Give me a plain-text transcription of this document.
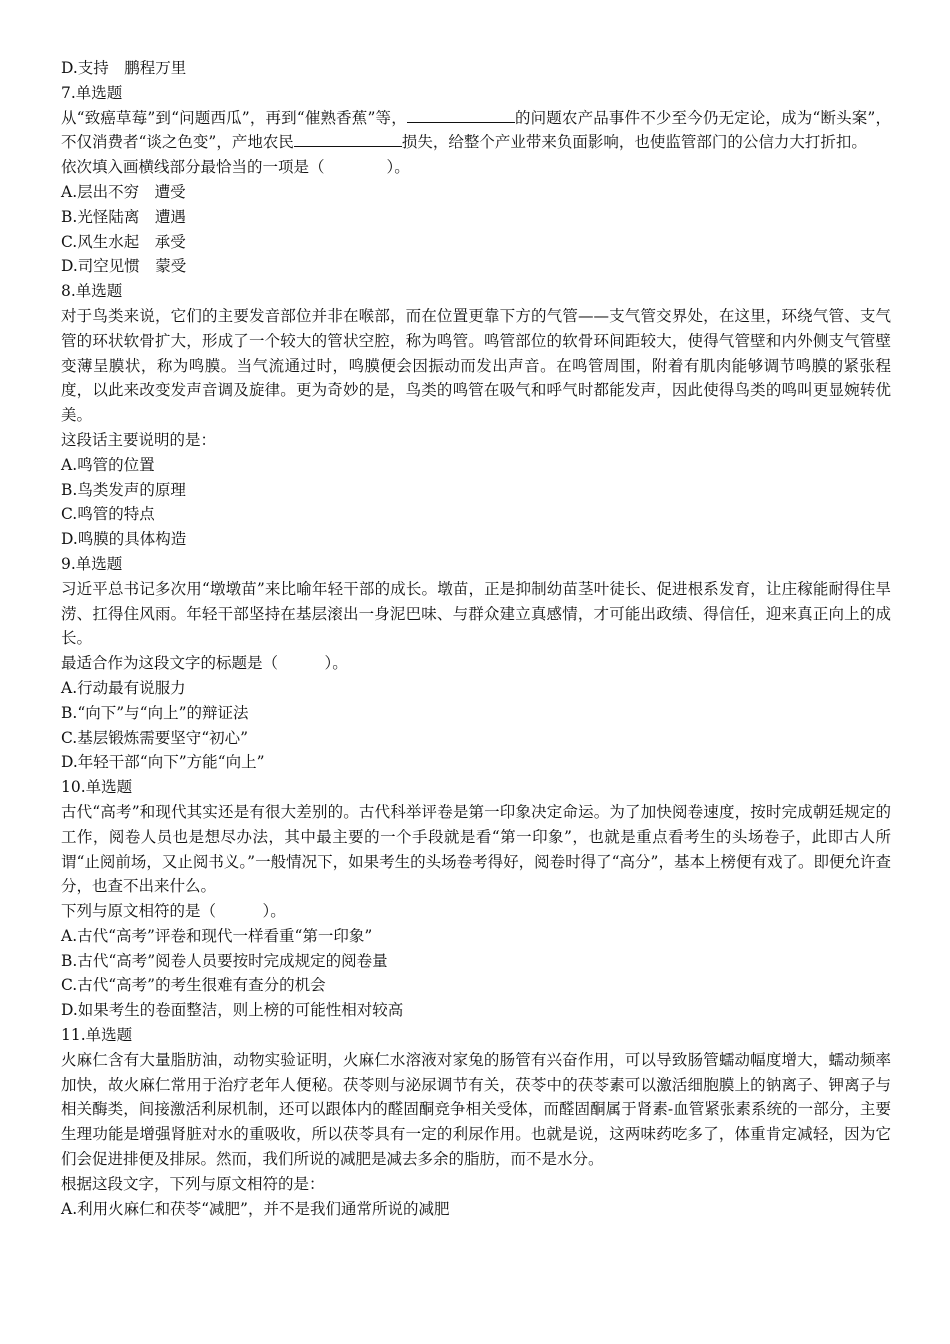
D.支持　鹏程万里
7.单选题
从“致癌草莓”到“问题西瓜”，再到“催熟香蕉”等，	的问题农产品事件不少至今仍无定论，成为“断头案”，不仅消费者“谈之色变”，产地农民	损失，给整个产业带来负面影响，也使监管部门的公信力大打折扣。
依次填入画横线部分最恰当的一项是（　　　　）。
A.层出不穷　遭受
B.光怪陆离　遭遇
C.风生水起　承受
D.司空见惯　蒙受
8.单选题
对于鸟类来说，它们的主要发音部位并非在喉部，而在位置更靠下方的气管——支气管交界处，在这里，环绕气管、支气管的环状软骨扩大，形成了一个较大的管状空腔，称为鸣管。鸣管部位的软骨环间距较大，使得气管壁和内外侧支气管壁变薄呈膜状，称为鸣膜。当气流通过时，鸣膜便会因振动而发出声音。在鸣管周围，附着有肌肉能够调节鸣膜的紧张程度，以此来改变发声音调及旋律。更为奇妙的是，鸟类的鸣管在吸气和呼气时都能发声，因此使得鸟类的鸣叫更显婉转优美。
这段话主要说明的是：
A.鸣管的位置
B.鸟类发声的原理
C.鸣管的特点
D.鸣膜的具体构造
9.单选题
习近平总书记多次用“墩墩苗”来比喻年轻干部的成长。墩苗，正是抑制幼苗茎叶徒长、促进根系发育，让庄稼能耐得住旱涝、扛得住风雨。年轻干部坚持在基层滚出一身泥巴味、与群众建立真感情，才可能出政绩、得信任，迎来真正向上的成长。
最适合作为这段文字的标题是（　　　）。
A.行动最有说服力
B.“向下”与“向上”的辩证法
C.基层锻炼需要坚守“初心”
D.年轻干部“向下”方能“向上”
10.单选题
古代“高考”和现代其实还是有很大差别的。古代科举评卷是第一印象决定命运。为了加快阅卷速度，按时完成朝廷规定的工作，阅卷人员也是想尽办法，其中最主要的一个手段就是看“第一印象”，也就是重点看考生的头场卷子，此即古人所谓“止阅前场，又止阅书义。”一般情况下，如果考生的头场卷考得好，阅卷时得了“高分”，基本上榜便有戏了。即便允许查分，也查不出来什么。
下列与原文相符的是（　　　）。
A.古代“高考”评卷和现代一样看重“第一印象”
B.古代“高考”阅卷人员要按时完成规定的阅卷量
C.古代“高考”的考生很难有查分的机会
D.如果考生的卷面整洁，则上榜的可能性相对较高
11.单选题
火麻仁含有大量脂肪油，动物实验证明，火麻仁水溶液对家兔的肠管有兴奋作用，可以导致肠管蠕动幅度增大，蠕动频率加快，故火麻仁常用于治疗老年人便秘。茯苓则与泌尿调节有关，茯苓中的茯苓素可以激活细胞膜上的钠离子、钾离子与相关酶类，间接激活利尿机制，还可以跟体内的醛固酮竞争相关受体，而醛固酮属于肾素-血管紧张素系统的一部分，主要生理功能是增强肾脏对水的重吸收，所以茯苓具有一定的利尿作用。也就是说，这两味药吃多了，体重肯定减轻，因为它们会促进排便及排尿。然而，我们所说的减肥是减去多余的脂肪，而不是水分。
根据这段文字，下列与原文相符的是：
A.利用火麻仁和茯苓“减肥”，并不是我们通常所说的减肥
